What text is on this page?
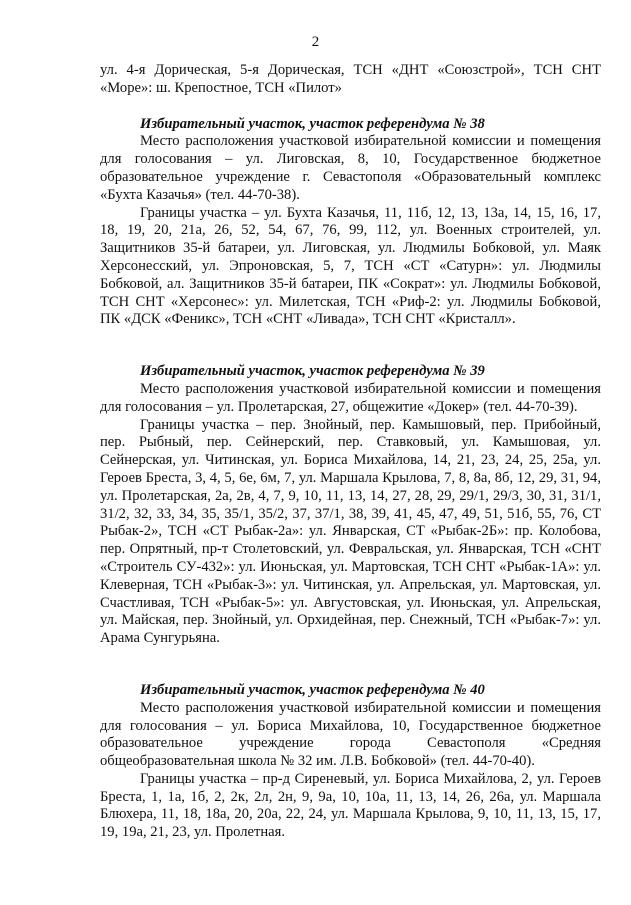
2

ул. 4-я Дорическая, 5-я Дорическая, ТСН «ДНТ «Союзстрой», ТСН СНТ «Море»: ш. Крепостное, ТСН «Пилот»

Избирательный участок, участок референдума № 38

Место расположения участковой избирательной комиссии и помещения для голосования – ул. Лиговская, 8, 10, Государственное бюджетное образовательное учреждение г. Севастополя «Образовательный комплекс «Бухта Казачья» (тел. 44-70-38).

Границы участка – ул. Бухта Казачья, 11, 11б, 12, 13, 13а, 14, 15, 16, 17, 18, 19, 20, 21а, 26, 52, 54, 67, 76, 99, 112, ул. Военных строителей, ул. Защитников 35-й батареи, ул. Лиговская, ул. Людмилы Бобковой, ул. Маяк Херсонесский, ул. Эпроновская, 5, 7, ТСН «СТ «Сатурн»: ул. Людмилы Бобковой, ал. Защитников 35-й батареи, ПК «Сократ»: ул. Людмилы Бобковой, ТСН СНТ «Херсонес»: ул. Милетская, ТСН «Риф-2: ул. Людмилы Бобковой, ПК «ДСК «Феникс», ТСН «СНТ «Ливада», ТСН СНТ «Кристалл».

Избирательный участок, участок референдума № 39

Место расположения участковой избирательной комиссии и помещения для голосования – ул. Пролетарская, 27, общежитие «Докер» (тел. 44-70-39).

Границы участка – пер. Знойный, пер. Камышовый, пер. Прибойный, пер. Рыбный, пер. Сейнерский, пер. Ставковый, ул. Камышовая, ул. Сейнерская, ул. Читинская, ул. Бориса Михайлова, 14, 21, 23, 24, 25, 25а, ул. Героев Бреста, 3, 4, 5, 6е, 6м, 7, ул. Маршала Крылова, 7, 8, 8а, 8б, 12, 29, 31, 94, ул. Пролетарская, 2а, 2в, 4, 7, 9, 10, 11, 13, 14, 27, 28, 29, 29/1, 29/3, 30, 31, 31/1, 31/2, 32, 33, 34, 35, 35/1, 35/2, 37, 37/1, 38, 39, 41, 45, 47, 49, 51, 51б, 55, 76, СТ Рыбак-2», ТСН «СТ Рыбак-2а»: ул. Январская, СТ «Рыбак-2Б»: пр. Колобова, пер. Опрятный, пр-т Столетовский, ул. Февральская, ул. Январская, ТСН «СНТ «Строитель СУ-432»: ул. Июньская, ул. Мартовская, ТСН СНТ «Рыбак-1А»: ул. Клеверная, ТСН «Рыбак-3»: ул. Читинская, ул. Апрельская, ул. Мартовская, ул. Счастливая, ТСН «Рыбак-5»: ул. Августовская, ул. Июньская, ул. Апрельская, ул. Майская, пер. Знойный, ул. Орхидейная, пер. Снежный, ТСН «Рыбак-7»: ул. Арама Сунгурьяна.

Избирательный участок, участок референдума № 40

Место расположения участковой избирательной комиссии и помещения для голосования – ул. Бориса Михайлова, 10, Государственное бюджетное образовательное учреждение города Севастополя «Средняя общеобразовательная школа № 32 им. Л.В. Бобковой» (тел. 44-70-40).

Границы участка – пр-д Сиреневый, ул. Бориса Михайлова, 2, ул. Героев Бреста, 1, 1а, 1б, 2, 2к, 2л, 2н, 9, 9а, 10, 10а, 11, 13, 14, 26, 26а, ул. Маршала Блюхера, 11, 18, 18а, 20, 20а, 22, 24, ул. Маршала Крылова, 9, 10, 11, 13, 15, 17, 19, 19а, 21, 23, ул. Пролетная.
